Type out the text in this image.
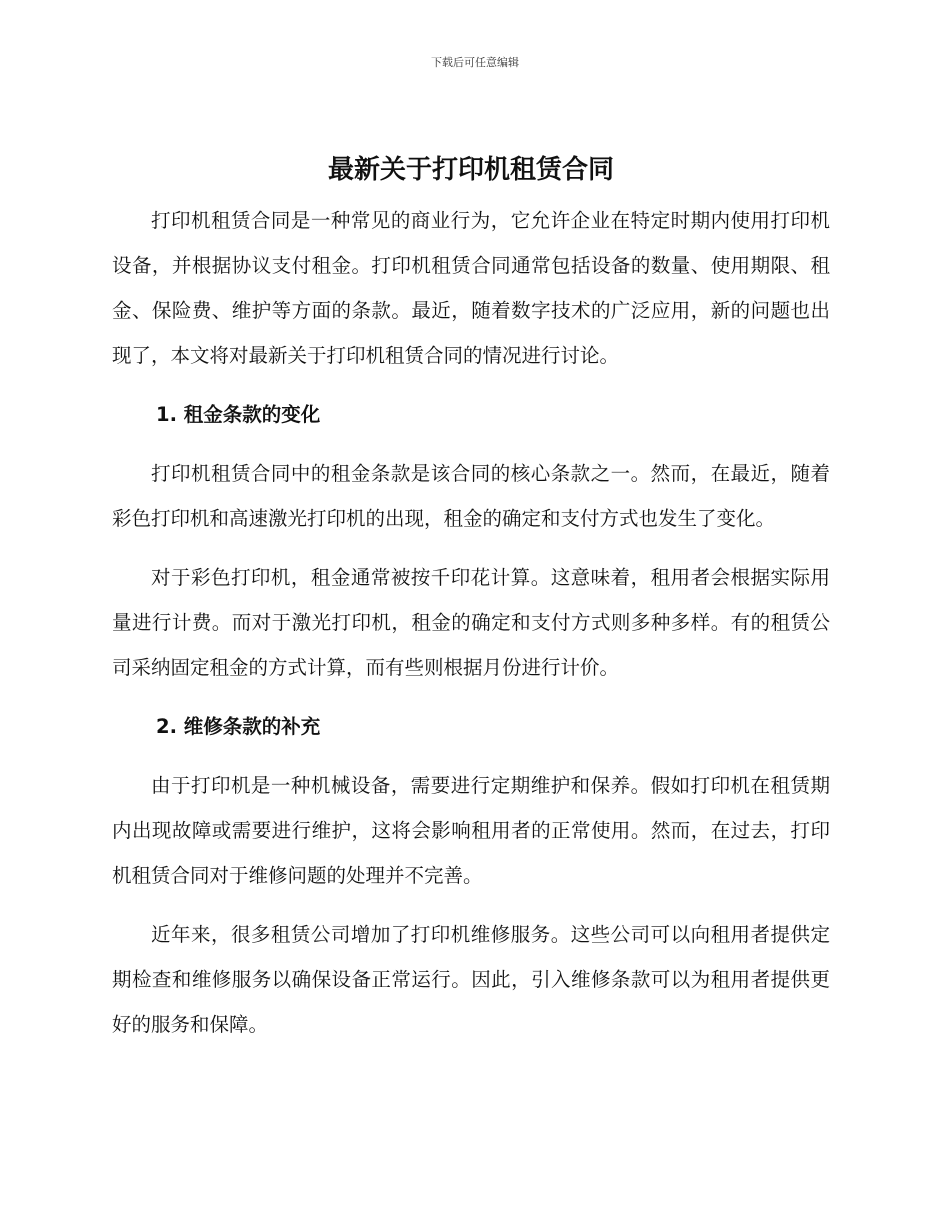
下载后可任意编辑
最新关于打印机租赁合同

打印机租赁合同是一种常见的商业行为，它允许企业在特定时期内使用打印机设备，并根据协议支付租金。打印机租赁合同通常包括设备的数量、使用期限、租金、保险费、维护等方面的条款。最近，随着数字技术的广泛应用，新的问题也出现了，本文将对最新关于打印机租赁合同的情况进行讨论。

1. 租金条款的变化

打印机租赁合同中的租金条款是该合同的核心条款之一。然而，在最近，随着彩色打印机和高速激光打印机的出现，租金的确定和支付方式也发生了变化。

对于彩色打印机，租金通常被按千印花计算。这意味着，租用者会根据实际用量进行计费。而对于激光打印机，租金的确定和支付方式则多种多样。有的租赁公司采纳固定租金的方式计算，而有些则根据月份进行计价。

2. 维修条款的补充

由于打印机是一种机械设备，需要进行定期维护和保养。假如打印机在租赁期内出现故障或需要进行维护，这将会影响租用者的正常使用。然而，在过去，打印机租赁合同对于维修问题的处理并不完善。

近年来，很多租赁公司增加了打印机维修服务。这些公司可以向租用者提供定期检查和维修服务以确保设备正常运行。因此，引入维修条款可以为租用者提供更好的服务和保障。
